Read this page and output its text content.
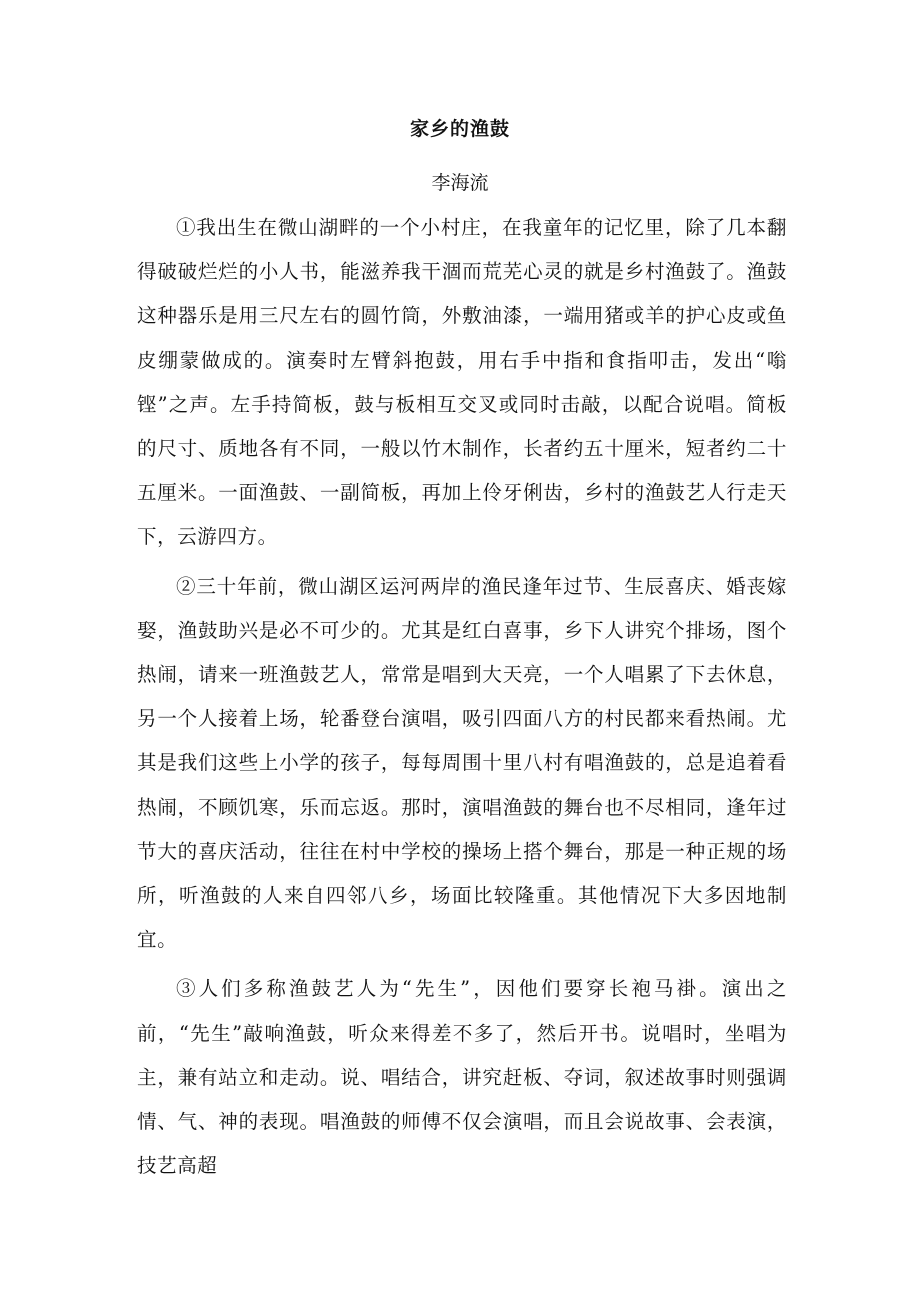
家乡的渔鼓
李海流

①我出生在微山湖畔的一个小村庄，在我童年的记忆里，除了几本翻得破破烂烂的小人书，能滋养我干涸而荒芜心灵的就是乡村渔鼓了。渔鼓这种器乐是用三尺左右的圆竹筒，外敷油漆，一端用猪或羊的护心皮或鱼皮绷蒙做成的。演奏时左臂斜抱鼓，用右手中指和食指叩击，发出“嗡铿”之声。左手持简板，鼓与板相互交叉或同时击敲，以配合说唱。简板的尺寸、质地各有不同，一般以竹木制作，长者约五十厘米，短者约二十五厘米。一面渔鼓、一副简板，再加上伶牙俐齿，乡村的渔鼓艺人行走天下，云游四方。

②三十年前，微山湖区运河两岸的渔民逢年过节、生辰喜庆、婚丧嫁娶，渔鼓助兴是必不可少的。尤其是红白喜事，乡下人讲究个排场，图个热闹，请来一班渔鼓艺人，常常是唱到大天亮，一个人唱累了下去休息，另一个人接着上场，轮番登台演唱，吸引四面八方的村民都来看热闹。尤其是我们这些上小学的孩子，每每周围十里八村有唱渔鼓的，总是追着看热闹，不顾饥寒，乐而忘返。那时，演唱渔鼓的舞台也不尽相同，逢年过节大的喜庆活动，往往在村中学校的操场上搭个舞台，那是一种正规的场所，听渔鼓的人来自四邻八乡，场面比较隆重。其他情况下大多因地制宜。

③人们多称渔鼓艺人为“先生”，因他们要穿长袍马褂。演出之前，“先生”敲响渔鼓，听众来得差不多了，然后开书。说唱时，坐唱为主，兼有站立和走动。说、唱结合，讲究赶板、夺词，叙述故事时则强调情、气、神的表现。唱渔鼓的师傅不仅会演唱，而且会说故事、会表演，技艺高超
